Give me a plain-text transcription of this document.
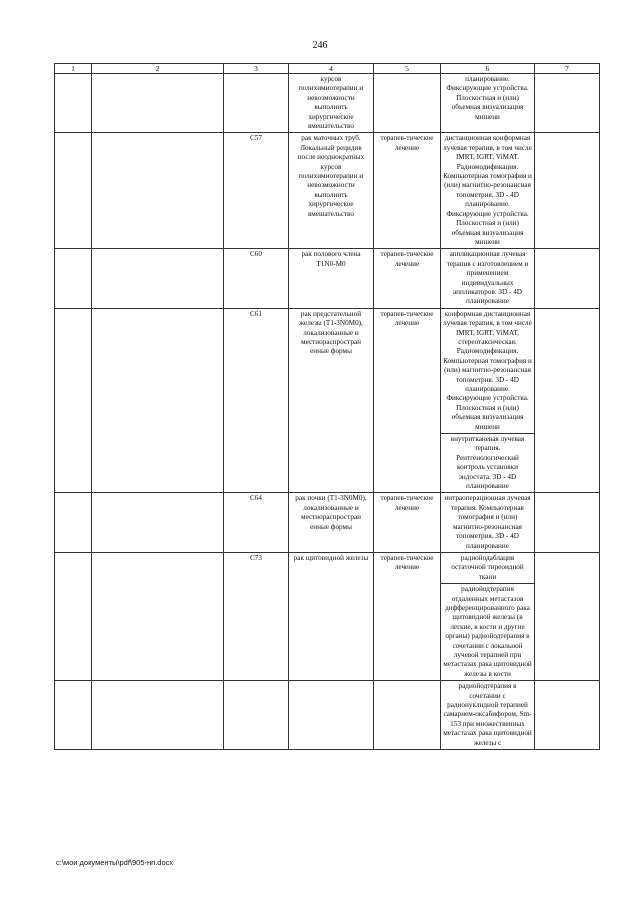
246
1	2	3	4	5	6	7
			курсов полихимиотерапии и невозможности выполнить хирургическое вмешательство		планирование. Фиксирующие устройства. Плоскостная и (или) объемная визуализация мишени	

		C57	рак маточных труб. Локальный рецидив после неоднократных курсов полихимиотерапии и невозможности выполнить хирургическое вмешательство	терапев-тическое лечение	дистанционная конформная лучевая терапия, в том числе IMRT, IGRT, ViMAT. Радиомодификация. Компьютерная томография и (или) магнитно-резонансная топометрия. 3D - 4D планирование. Фиксирующие устройства. Плоскостная и (или) объемная визуализация мишени	

		C60	рак полового члена T1N0-M0	терапев-тическое лечение	аппликационная лучевая терапия с изготовлением и применением индивидуальных аппликаторов. 3D - 4D планирование	

		C61	рак предстательной железы (T1-3N0M0), локализованные и местнораспростран енные формы	терапев-тическое лечение	конформная дистанционная лучевая терапия, в том числе IMRT, IGRT, ViMAT, стереотаксическая. Радиомодификация. Компьютерная томография и (или) магнитно-резонансная топометрия. 3D - 4D планирование. Фиксирующие устройства. Плоскостная и (или) объемная визуализация мишени
внутритканевая лучевая терапия. Рентгенологический контроль установки эндостата. 3D - 4D планирование	

		C64	рак почки (T1-3N0M0), локализованные и местнораспростран енные формы	терапев-тическое лечение	интраоперационная лучевая терапия. Компьютерная томография и (или) магнитно-резонансная топометрия. 3D - 4D планирование	

		C73	рак щитовидной железы	терапев-тическое лечение	радиойодаблация остаточной тиреоидной ткани
радиойодтерапия отдаленных метастазов дифференцированного рака щитовидной железы (в легкие, в кости и другие органы) радиойодтерапия в сочетании с локальной лучевой терапией при метастазах рака щитовидной железы в кости	

					радиойодтерапия в сочетании с радионуклидной терапией самарием-оксабифором, Sm-153 при множественных метастазах рака щитовидной железы с	

c:\мои документы\pdf\905-нп.docx
